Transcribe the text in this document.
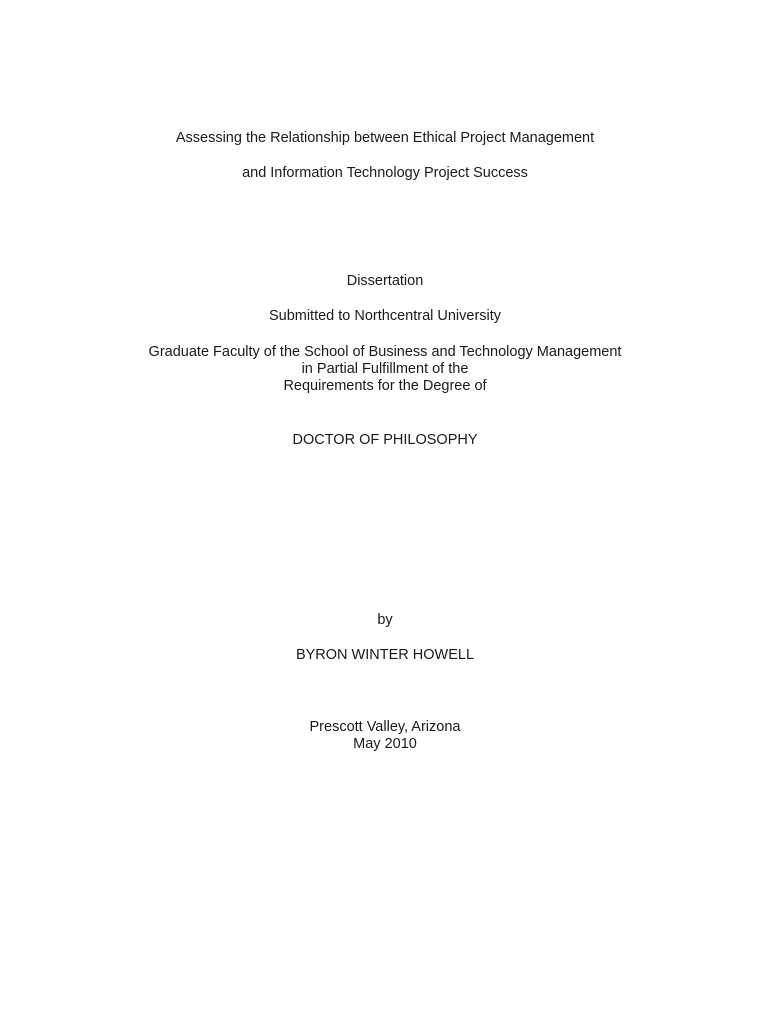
Assessing the Relationship between Ethical Project Management
and Information Technology Project Success
Dissertation
Submitted to Northcentral University
Graduate Faculty of the School of Business and Technology Management
in Partial Fulfillment of the
Requirements for the Degree of
DOCTOR OF PHILOSOPHY
by
BYRON WINTER HOWELL
Prescott Valley, Arizona
May 2010
